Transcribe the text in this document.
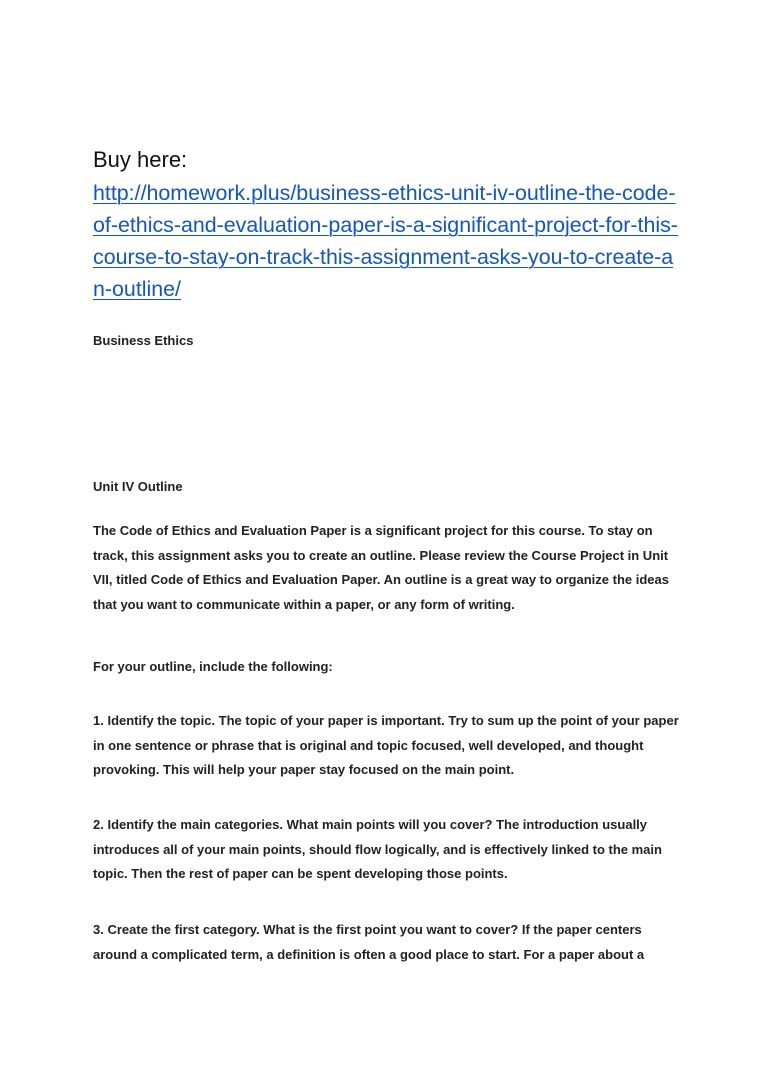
Buy here:

http://homework.plus/business-ethics-unit-iv-outline-the-code-of-ethics-and-evaluation-paper-is-a-significant-project-for-this-course-to-stay-on-track-this-assignment-asks-you-to-create-an-outline/

Business Ethics

Unit IV Outline

The Code of Ethics and Evaluation Paper is a significant project for this course. To stay on track, this assignment asks you to create an outline. Please review the Course Project in Unit VII, titled Code of Ethics and Evaluation Paper. An outline is a great way to organize the ideas that you want to communicate within a paper, or any form of writing.

For your outline, include the following:

1. Identify the topic. The topic of your paper is important. Try to sum up the point of your paper in one sentence or phrase that is original and topic focused, well developed, and thought provoking. This will help your paper stay focused on the main point.

2. Identify the main categories. What main points will you cover? The introduction usually introduces all of your main points, should flow logically, and is effectively linked to the main topic. Then the rest of paper can be spent developing those points.

3. Create the first category. What is the first point you want to cover? If the paper centers around a complicated term, a definition is often a good place to start. For a paper about a
